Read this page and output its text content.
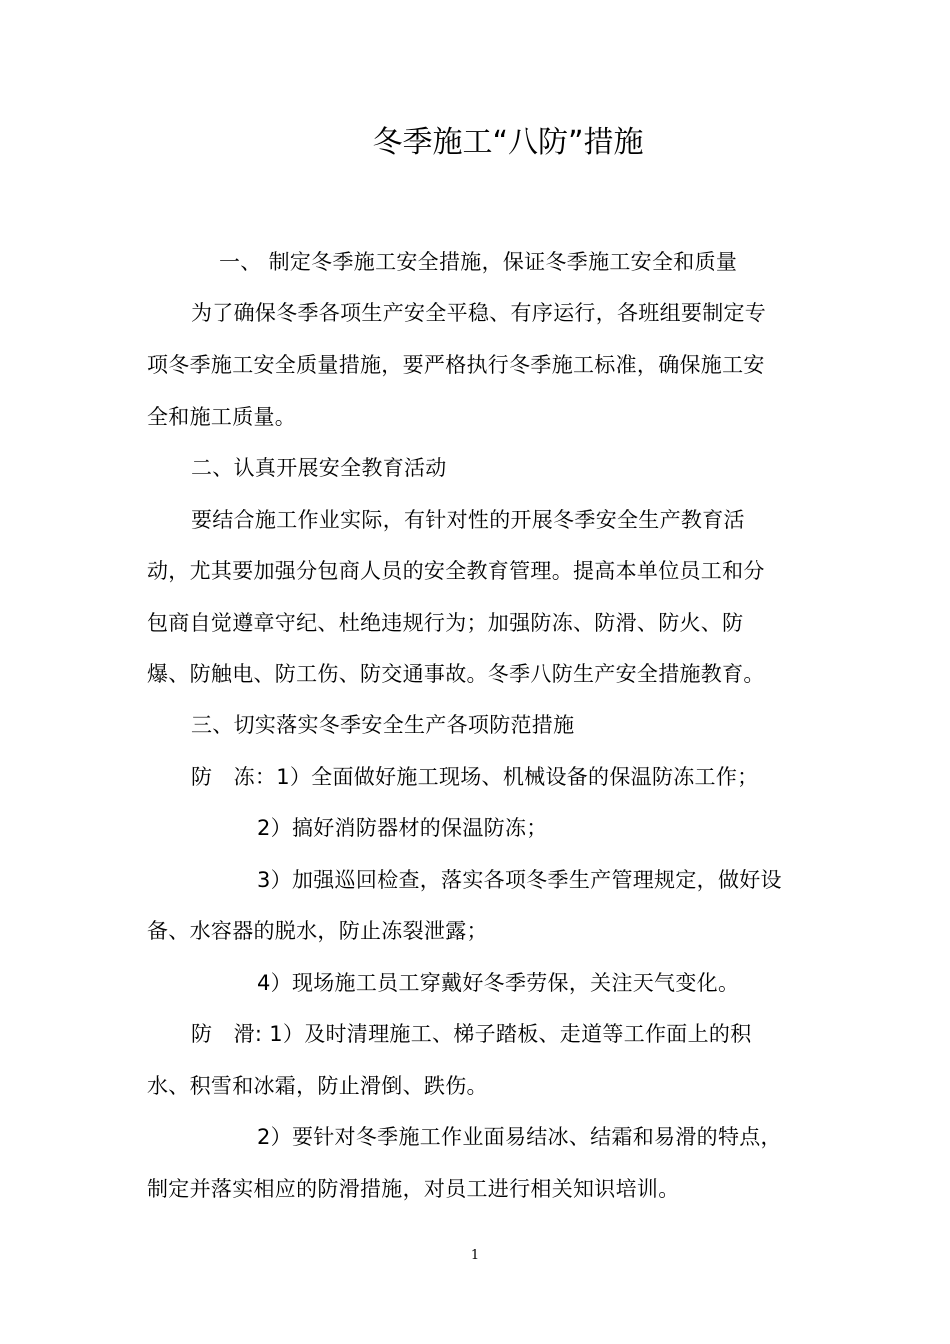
冬季施工“八防”措施
一、 制定冬季施工安全措施，保证冬季施工安全和质量
为了确保冬季各项生产安全平稳、有序运行，各班组要制定专
项冬季施工安全质量措施，要严格执行冬季施工标准，确保施工安
全和施工质量。
二、认真开展安全教育活动
要结合施工作业实际，有针对性的开展冬季安全生产教育活
动，尤其要加强分包商人员的安全教育管理。提高本单位员工和分
包商自觉遵章守纪、杜绝违规行为；加强防冻、防滑、防火、防
爆、防触电、防工伤、防交通事故。冬季八防生产安全措施教育。
三、切实落实冬季安全生产各项防范措施
防　冻：1）全面做好施工现场、机械设备的保温防冻工作；
2）搞好消防器材的保温防冻；
3）加强巡回检查，落实各项冬季生产管理规定，做好设
备、水容器的脱水，防止冻裂泄露；
4）现场施工员工穿戴好冬季劳保，关注天气变化。
防　滑: 1）及时清理施工、梯子踏板、走道等工作面上的积
水、积雪和冰霜，防止滑倒、跌伤。
2）要针对冬季施工作业面易结冰、结霜和易滑的特点，
制定并落实相应的防滑措施，对员工进行相关知识培训。
1
